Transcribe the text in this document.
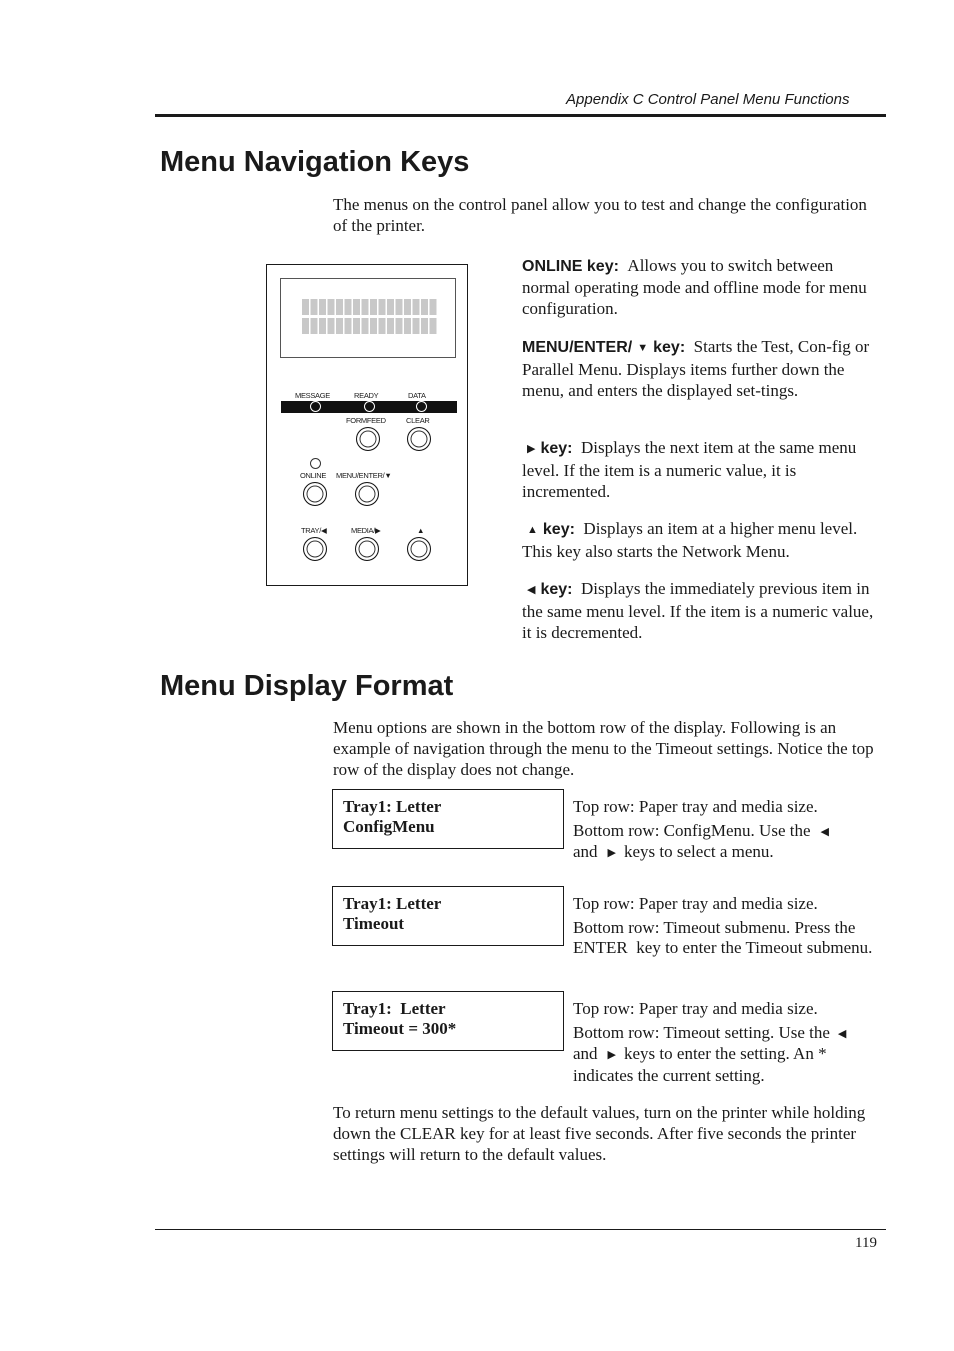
Appendix C Control Panel Menu Functions
Menu Navigation Keys

The menus on the control panel allow you to test and change the configuration of the printer.

MESSAGE	READY	DATA
FORMFEED	CLEAR
ONLINE MENU/ENTER/▼
TRAY/◀	MEDIA/▶	▲

ONLINE key: Allows you to switch between normal operating mode and offline mode for menu configuration.

MENU/ENTER/ ▼ key: Starts the Test, Con-fig or Parallel Menu. Displays items further down the menu, and enters the displayed set-tings.

▶ key: Displays the next item at the same menu level. If the item is a numeric value, it is incremented.

▲ key: Displays an item at a higher menu level. This key also starts the Network Menu.

◀ key: Displays the immediately previous item in the same menu level. If the item is a numeric value, it is decremented.

Menu Display Format

Menu options are shown in the bottom row of the display. Following is an example of navigation through the menu to the Timeout settings. Notice the top row of the display does not change.

Tray1: Letter
ConfigMenu

Top row: Paper tray and media size.

Bottom row: ConfigMenu. Use the ◀
and ▶ keys to select a menu.

Tray1: Letter
Timeout

Top row: Paper tray and media size.

Bottom row: Timeout submenu. Press the ENTER  key to enter the Timeout submenu.

Tray1:  Letter
Timeout = 300*

Top row: Paper tray and media size.

Bottom row: Timeout setting. Use the ◀
and ▶ keys to enter the setting. An * indicates the current setting.

To return menu settings to the default values, turn on the printer while holding down the CLEAR key for at least five seconds. After five seconds the printer settings will return to the default values.

119
